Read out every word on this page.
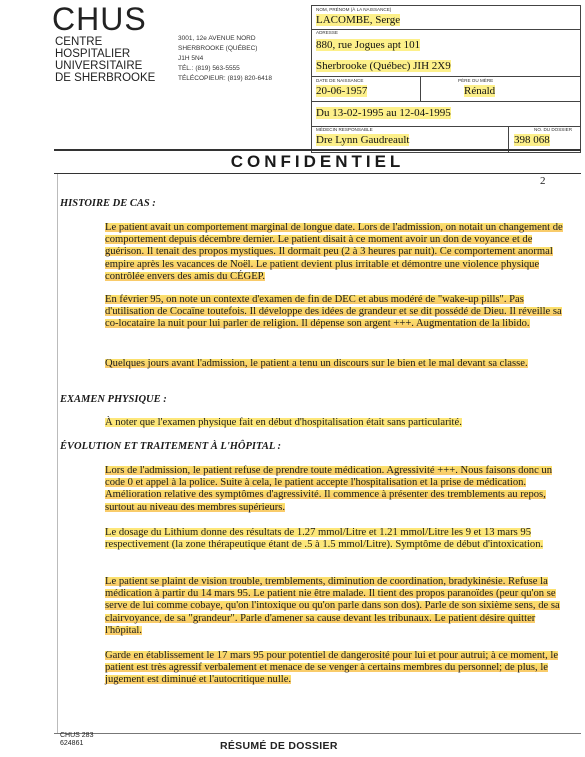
CHUS
CENTRE
HOSPITALIER
UNIVERSITAIRE
DE SHERBROOKE
3001, 12e AVENUE NORD
SHERBROOKE (QUÉBEC)
J1H 5N4
TÉL.: (819) 563-5555
TÉLÉCOPIEUR: (819) 820-6418
NOM, PRÉNOM (À LA NAISSANCE)
LACOMBE, Serge
ADRESSE
880, rue Jogues apt 101
Sherbrooke (Québec) JIH 2X9
DATE DE NAISSANCE
20-06-1957
PÈRE OU MÈRE
Rénald
Du 13-02-1995 au 12-04-1995
MÉDECIN RESPONSABLE
Dre Lynn Gaudreault
NO. DU DOSSIER
398 068
CONFIDENTIEL
2
HISTOIRE DE CAS :
Le patient avait un comportement marginal de longue date. Lors de l'admission, on notait un changement de comportement depuis décembre dernier. Le patient disait à ce moment avoir un don de voyance et de guérison. Il tenait des propos mystiques. Il dormait peu (2 à 3 heures par nuit). Ce comportement anormal empire après les vacances de Noël. Le patient devient plus irritable et démontre une violence physique contrôlée envers des amis du CÉGEP.
En février 95, on note un contexte d'examen de fin de DEC et abus modéré de "wake-up pills". Pas d'utilisation de Cocaïne toutefois. Il développe des idées de grandeur et se dit possédé de Dieu. Il réveille sa co-locataire la nuit pour lui parler de religion. Il dépense son argent +++. Augmentation de la libido.
Quelques jours avant l'admission, le patient a tenu un discours sur le bien et le mal devant sa classe.
EXAMEN PHYSIQUE :
À noter que l'examen physique fait en début d'hospitalisation était sans particularité.
ÉVOLUTION ET TRAITEMENT À L'HÔPITAL :
Lors de l'admission, le patient refuse de prendre toute médication. Agressivité +++. Nous faisons donc un code 0 et appel à la police. Suite à cela, le patient accepte l'hospitalisation et la prise de médication. Amélioration relative des symptômes d'agressivité. Il commence à présenter des tremblements au repos, surtout au niveau des membres supérieurs.
Le dosage du Lithium donne des résultats de 1.27 mmol/Litre et 1.21 mmol/Litre les 9 et 13 mars 95 respectivement (la zone thérapeutique étant de .5 à 1.5 mmol/Litre). Symptôme de début d'intoxication.
Le patient se plaint de vision trouble, tremblements, diminution de coordination, bradykinésie. Refuse la médication à partir du 14 mars 95. Le patient nie être malade. Il tient des propos paranoïdes (peur qu'on se serve de lui comme cobaye, qu'on l'intoxique ou qu'on parle dans son dos). Parle de son sixième sens, de sa clairvoyance, de sa "grandeur". Parle d'amener sa cause devant les tribunaux. Le patient désire quitter l'hôpital.
Garde en établissement le 17 mars 95 pour potentiel de dangerosité pour lui et pour autrui; à ce moment, le patient est très agressif verbalement et menace de se venger à certains membres du personnel; de plus, le jugement est diminué et l'autocritique nulle.
CHUS 283
624861	RÉSUMÉ DE DOSSIER
